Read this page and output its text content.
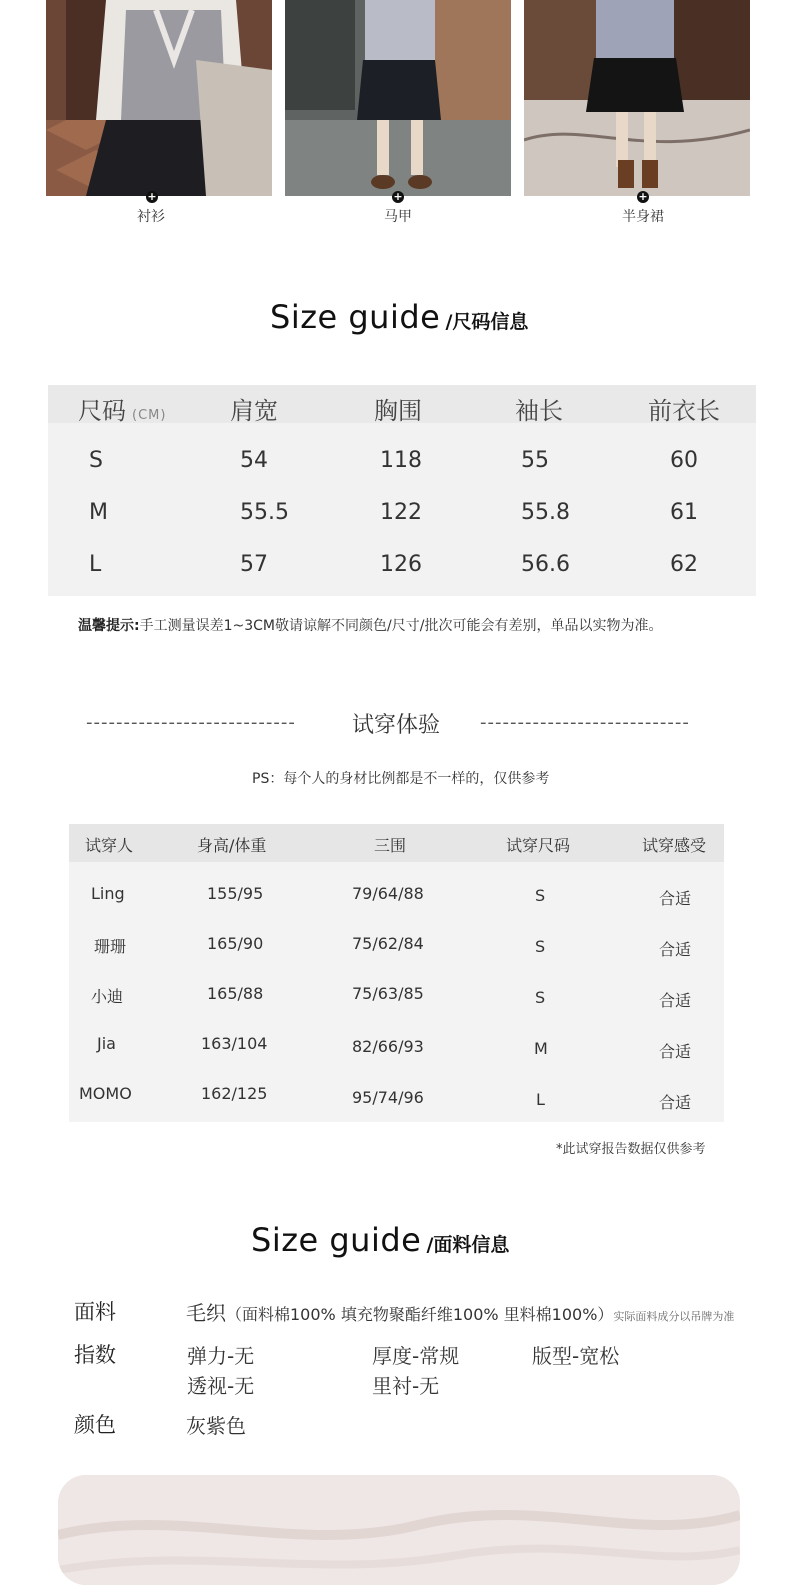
+
衬衫
+
马甲
+
半身裙
Size guide /尺码信息
尺码 (CM)	肩宽	胸围	袖长	前衣长
S	54	118	55	60
M	55.5	122	55.8	61
L	57	126	56.6	62
温馨提示:手工测量误差1~3CM敬请谅解不同颜色/尺寸/批次可能会有差别，单品以实物为准。
----------------------------	试穿体验 ----------------------------
PS：每个人的身材比例都是不一样的，仅供参考
试穿人	身高/体重	三围	试穿尺码	试穿感受
Ling	155/95	79/64/88	S	合适
珊珊	165/90	75/62/84	S	合适
小迪	165/88	75/63/85	S	合适
Jia	163/104	82/66/93	M	合适
MOMO	162/125	95/74/96	L	合适
*此试穿报告数据仅供参考
Size guide /面料信息
面料	毛织（面料棉100% 填充物聚酯纤维100% 里料棉100%）实际面料成分以吊牌为准
指数	弹力-无	厚度-常规	版型-宽松
透视-无	里衬-无
颜色	灰紫色
